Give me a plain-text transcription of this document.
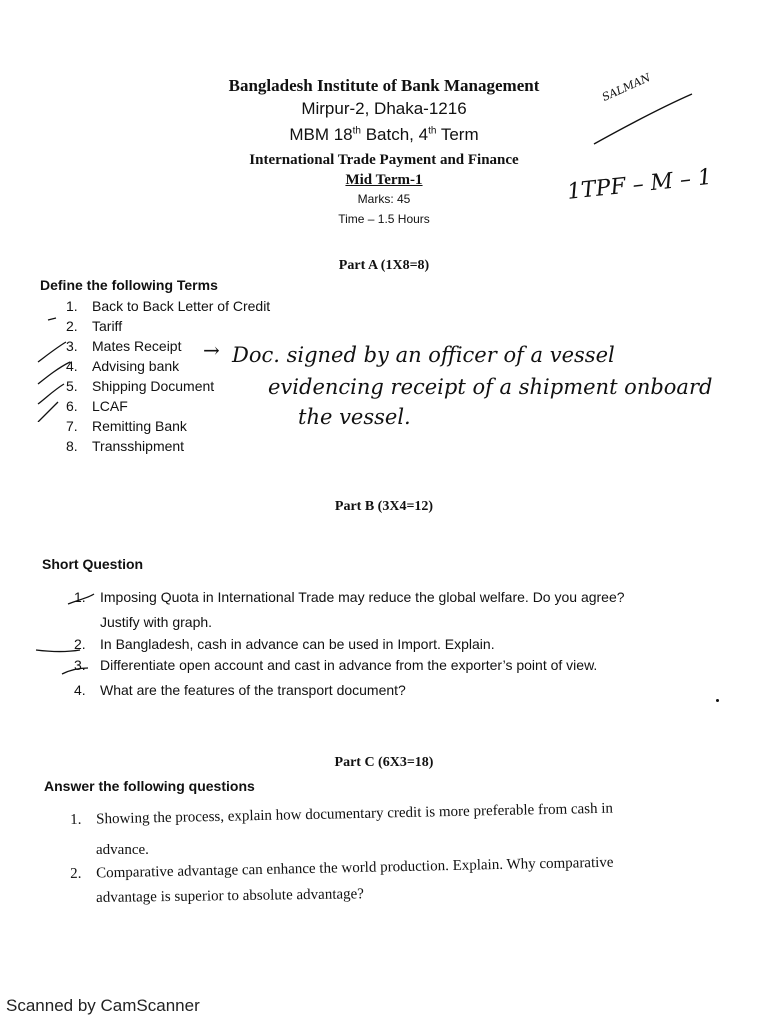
Bangladesh Institute of Bank Management
Mirpur-2, Dhaka-1216
MBM 18th Batch, 4th Term
International Trade Payment and Finance
Mid Term-1
Marks: 45
Time – 1.5 Hours
SALMAN
1TPF – M – 1
Part A (1X8=8)
Define the following Terms
1. Back to Back Letter of Credit
2. Tariff
3. Mates Receipt
4. Advising bank
5. Shipping Document
6. LCAF
7. Remitting Bank
8. Transshipment
→ Doc. signed by an officer of a vessel
evidencing receipt of a shipment onboard
the vessel.
Part B (3X4=12)
Short Question
1. Imposing Quota in International Trade may reduce the global welfare. Do you agree?
Justify with graph.
2. In Bangladesh, cash in advance can be used in Import. Explain.
3. Differentiate open account and cast in advance from the exporter’s point of view.
4. What are the features of the transport document?
Part C (6X3=18)
Answer the following questions
1. Showing the process, explain how documentary credit is more preferable from cash in
advance.
2. Comparative advantage can enhance the world production. Explain. Why comparative
advantage is superior to absolute advantage?
Scanned by CamScanner
